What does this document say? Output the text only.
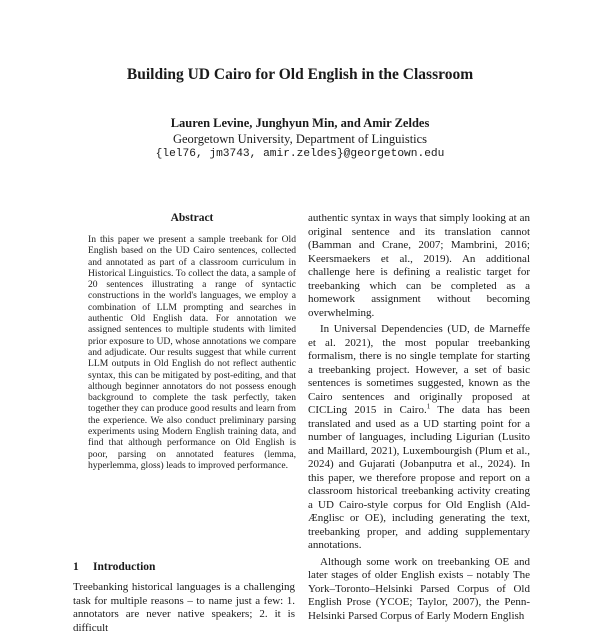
Building UD Cairo for Old English in the Classroom
Lauren Levine, Junghyun Min, and Amir Zeldes
Georgetown University, Department of Linguistics
{lel76, jm3743, amir.zeldes}@georgetown.edu
Abstract
In this paper we present a sample treebank for Old English based on the UD Cairo sentences, collected and annotated as part of a classroom curriculum in Historical Linguistics. To collect the data, a sample of 20 sentences illustrating a range of syntactic constructions in the world's languages, we employ a combination of LLM prompting and searches in authentic Old English data. For annotation we assigned sentences to multiple students with limited prior exposure to UD, whose annotations we compare and adjudicate. Our results suggest that while current LLM outputs in Old English do not reflect authentic syntax, this can be mitigated by post-editing, and that although beginner annotators do not possess enough background to complete the task perfectly, taken together they can produce good results and learn from the experience. We also conduct preliminary parsing experiments using Modern English training data, and find that although performance on Old English is poor, parsing on annotated features (lemma, hyperlemma, gloss) leads to improved performance.
1 Introduction
Treebanking historical languages is a challenging task for multiple reasons – to name just a few: 1. annotators are never native speakers; 2. it is difficult

authentic syntax in ways that simply looking at an original sentence and its translation cannot (Bamman and Crane, 2007; Mambrini, 2016; Keersmaekers et al., 2019). An additional challenge here is defining a realistic target for treebanking which can be completed as a homework assignment without becoming overwhelming.

In Universal Dependencies (UD, de Marneffe et al. 2021), the most popular treebanking formalism, there is no single template for starting a treebanking project. However, a set of basic sentences is sometimes suggested, known as the Cairo sentences and originally proposed at CICLing 2015 in Cairo.$^1$ The data has been translated and used as a UD starting point for a number of languages, including Ligurian (Lusito and Maillard, 2021), Luxembourgish (Plum et al., 2024) and Gujarati (Jobanputra et al., 2024). In this paper, we therefore propose and report on a classroom historical treebanking activity creating a UD Cairo-style corpus for Old English (Ald-Ænglisc or OE), including generating the text, treebanking proper, and adding supplementary annotations.

Although some work on treebanking OE and later stages of older English exists – notably The York–Toronto–Helsinki Parsed Corpus of Old English Prose (YCOE; Taylor, 2007), the Penn-Helsinki Parsed Corpus of Early Modern English
